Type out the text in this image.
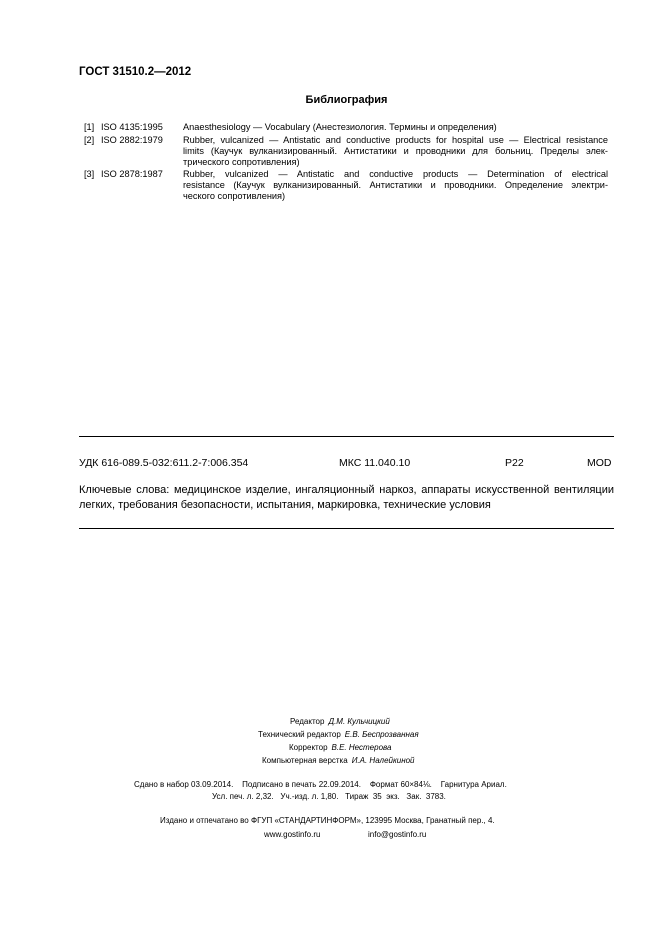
ГОСТ 31510.2—2012
Библиография
[1] ISO 4135:1995 Anaesthesiology — Vocabulary (Анестезиология. Термины и определения)
[2] ISO 2882:1979 Rubber, vulcanized — Antistatic and conductive products for hospital use — Electrical resistance
limits (Каучук вулканизированный. Антистатики и проводники для больниц. Пределы элек-
трического сопротивления)
[3] ISO 2878:1987 Rubber, vulcanized — Antistatic and conductive products — Determination of electrical
resistance (Каучук вулканизированный. Антистатики и проводники. Определение электри-
ческого сопротивления)
УДК 616-089.5-032:611.2-7:006.354	МКС 11.040.10	Р22	MOD
Ключевые слова: медицинское изделие, ингаляционный наркоз, аппараты искусственной вентиляции
легких, требования безопасности, испытания, маркировка, технические условия
Редактор Д.М. Кульчицкий
Технический редактор Е.В. Беспрозванная
Корректор В.Е. Нестерова
Компьютерная верстка И.А. Налейкиной
Сдано в набор 03.09.2014.    Подписано в печать 22.09.2014.    Формат 60×84⅛.    Гарнитура Ариал.
Усл. печ. л. 2,32.   Уч.-изд. л. 1,80.   Тираж  35  экз.   Зак.  3783.
Издано и отпечатано во ФГУП «СТАНДАРТИНФОРМ», 123995 Москва, Гранатный пер., 4.
www.gostinfo.ru	info@gostinfo.ru
